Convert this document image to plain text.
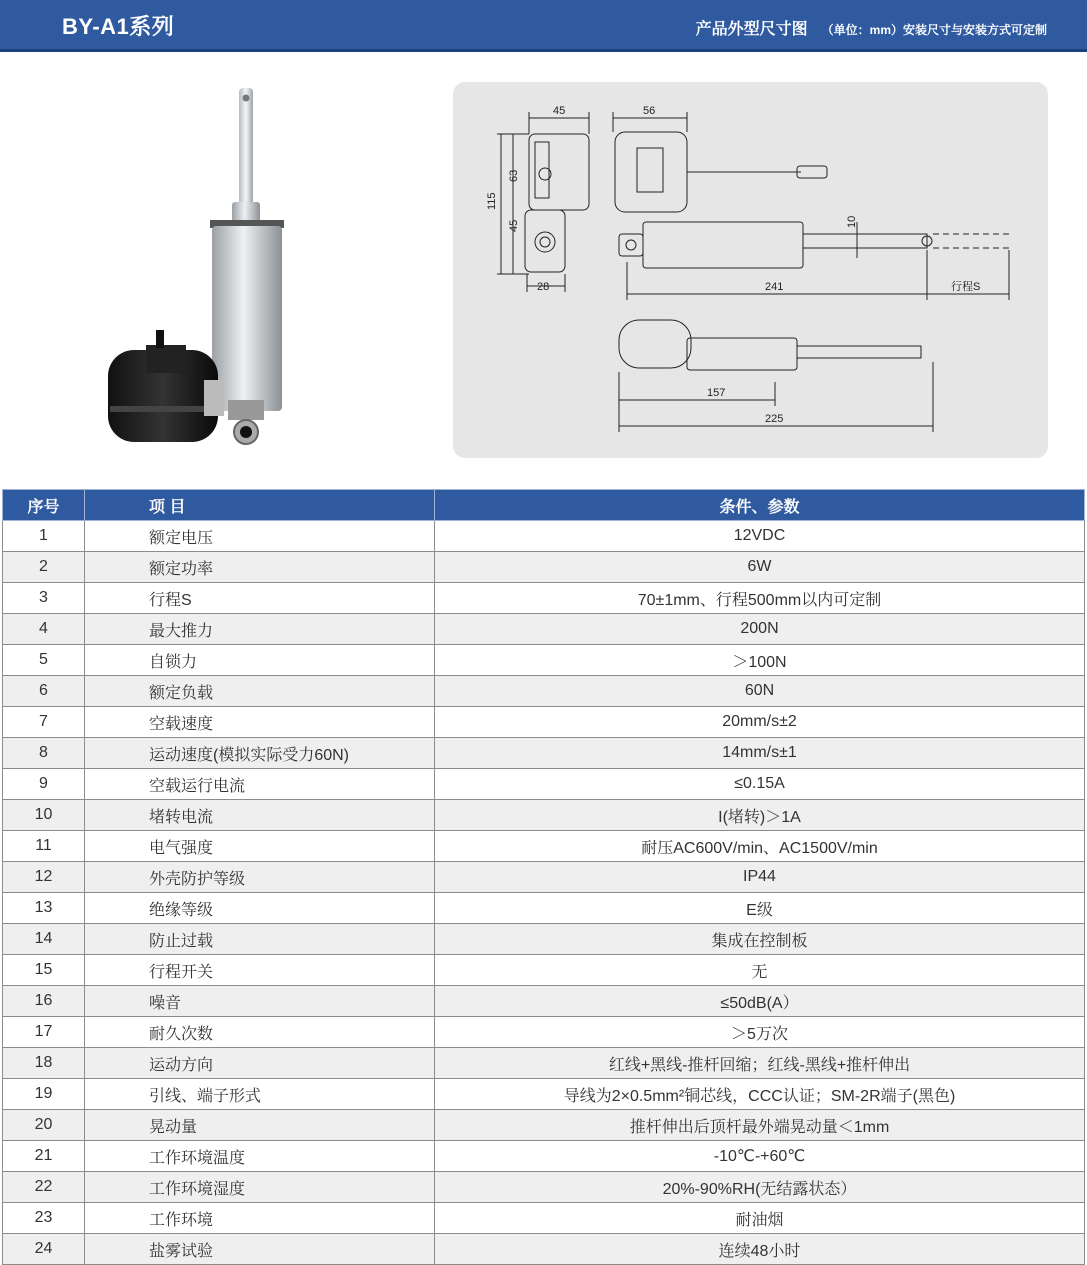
BY-A1系列	产品外型尺寸图 （单位：mm）安装尺寸与安装方式可定制
45	56
115
63
45
28
10
241	行程S
157
225
序号	项 目	条件、参数
1	额定电压	12VDC
2	额定功率	6W
3	行程S	70±1mm、行程500mm以内可定制
4	最大推力	200N
5	自锁力	＞100N
6	额定负载	60N
7	空载速度	20mm/s±2
8	运动速度(模拟实际受力60N)	14mm/s±1
9	空载运行电流	≤0.15A
10	堵转电流	I(堵转)＞1A
11	电气强度	耐压AC600V/min、AC1500V/min
12	外壳防护等级	IP44
13	绝缘等级	E级
14	防止过载	集成在控制板
15	行程开关	无
16	噪音	≤50dB(A）
17	耐久次数	＞5万次
18	运动方向	红线+黑线-推杆回缩；红线-黑线+推杆伸出
19	引线、端子形式	导线为2×0.5mm²铜芯线，CCC认证；SM-2R端子(黑色)
20	晃动量	推杆伸出后顶杆最外端晃动量＜1mm
21	工作环境温度	-10℃-+60℃
22	工作环境湿度	20%-90%RH(无结露状态）
23	工作环境	耐油烟
24	盐雾试验	连续48小时
